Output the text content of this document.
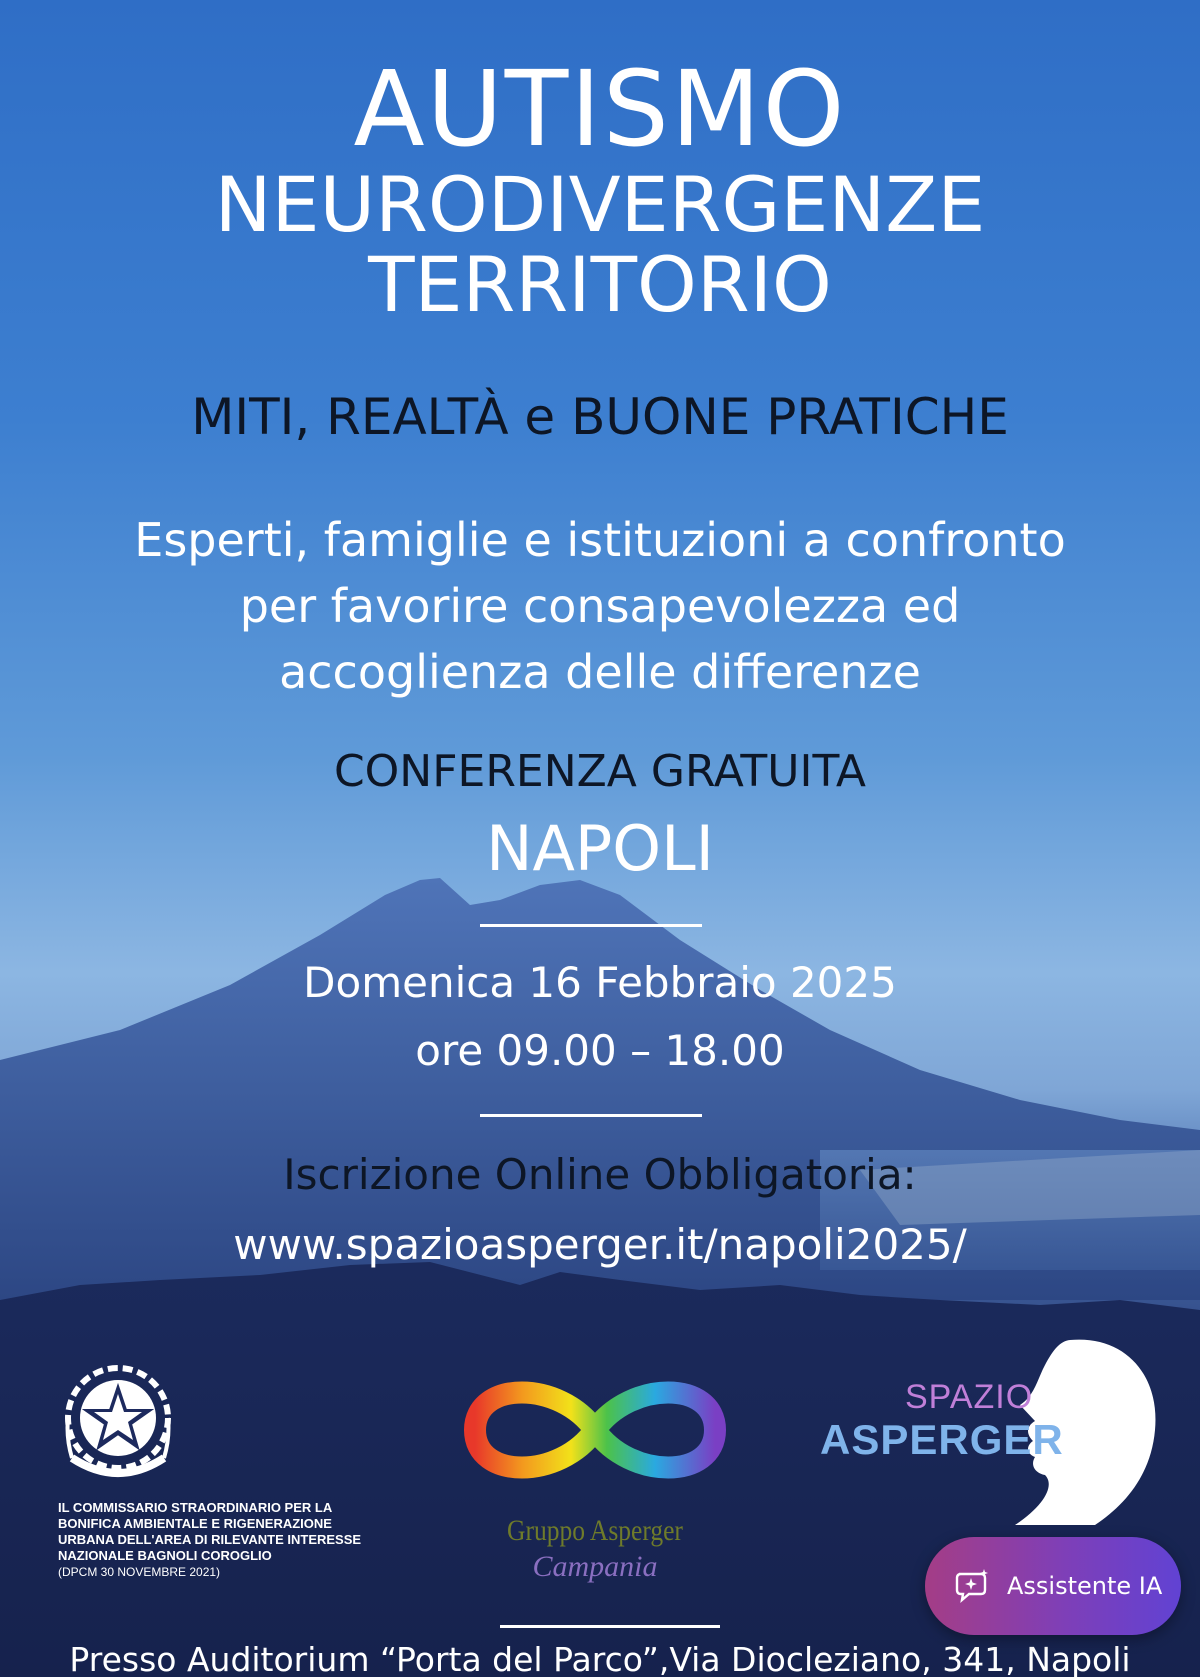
AUTISMO
NEURODIVERGENZE
TERRITORIO
MITI, REALTÀ e BUONE PRATICHE
Esperti, famiglie e istituzioni a confronto
per favorire consapevolezza ed
accoglienza delle differenze
CONFERENZA GRATUITA
NAPOLI
Domenica 16 Febbraio 2025
ore 09.00 – 18.00
Iscrizione Online Obbligatoria:
www.spazioasperger.it/napoli2025/
IL COMMISSARIO STRAORDINARIO PER LA
BONIFICA AMBIENTALE E RIGENERAZIONE
URBANA DELL'AREA DI RILEVANTE INTERESSE
NAZIONALE BAGNOLI COROGLIO
(DPCM 30 NOVEMBRE 2021)
Gruppo Asperger
Campania
SPAZIO
ASPERGER
Presso Auditorium “Porta del Parco”,Via Diocleziano, 341, Napoli
Assistente IA
